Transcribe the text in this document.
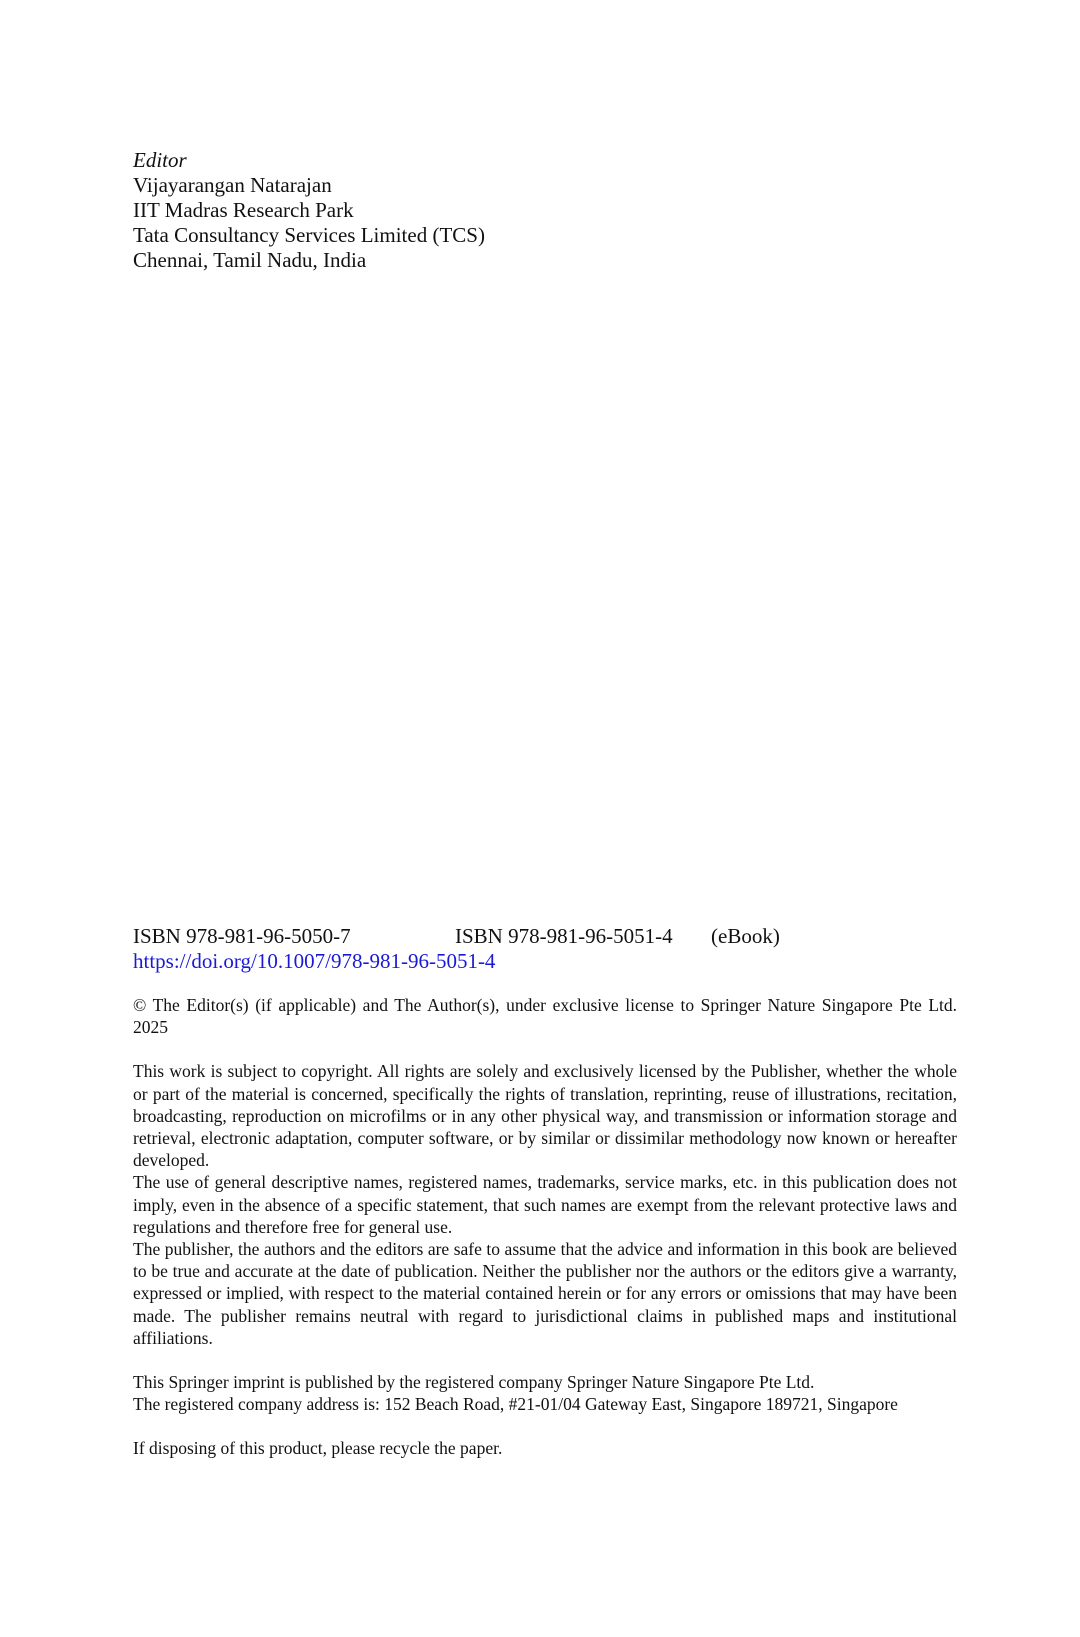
Editor
Vijayarangan Natarajan
IIT Madras Research Park
Tata Consultancy Services Limited (TCS)
Chennai, Tamil Nadu, India
ISBN 978-981-96-5050-7	ISBN 978-981-96-5051-4 (eBook)
https://doi.org/10.1007/978-981-96-5051-4

© The Editor(s) (if applicable) and The Author(s), under exclusive license to Springer Nature Singapore Pte Ltd. 2025

This work is subject to copyright. All rights are solely and exclusively licensed by the Publisher, whether the whole or part of the material is concerned, specifically the rights of translation, reprinting, reuse of illustrations, recitation, broadcasting, reproduction on microfilms or in any other physical way, and transmission or information storage and retrieval, electronic adaptation, computer software, or by similar or dissimilar methodology now known or hereafter developed.

The use of general descriptive names, registered names, trademarks, service marks, etc. in this publication does not imply, even in the absence of a specific statement, that such names are exempt from the relevant protective laws and regulations and therefore free for general use.

The publisher, the authors and the editors are safe to assume that the advice and information in this book are believed to be true and accurate at the date of publication. Neither the publisher nor the authors or the editors give a warranty, expressed or implied, with respect to the material contained herein or for any errors or omissions that may have been made. The publisher remains neutral with regard to jurisdictional claims in published maps and institutional affiliations.

This Springer imprint is published by the registered company Springer Nature Singapore Pte Ltd.

The registered company address is: 152 Beach Road, #21-01/04 Gateway East, Singapore 189721, Singapore

If disposing of this product, please recycle the paper.
